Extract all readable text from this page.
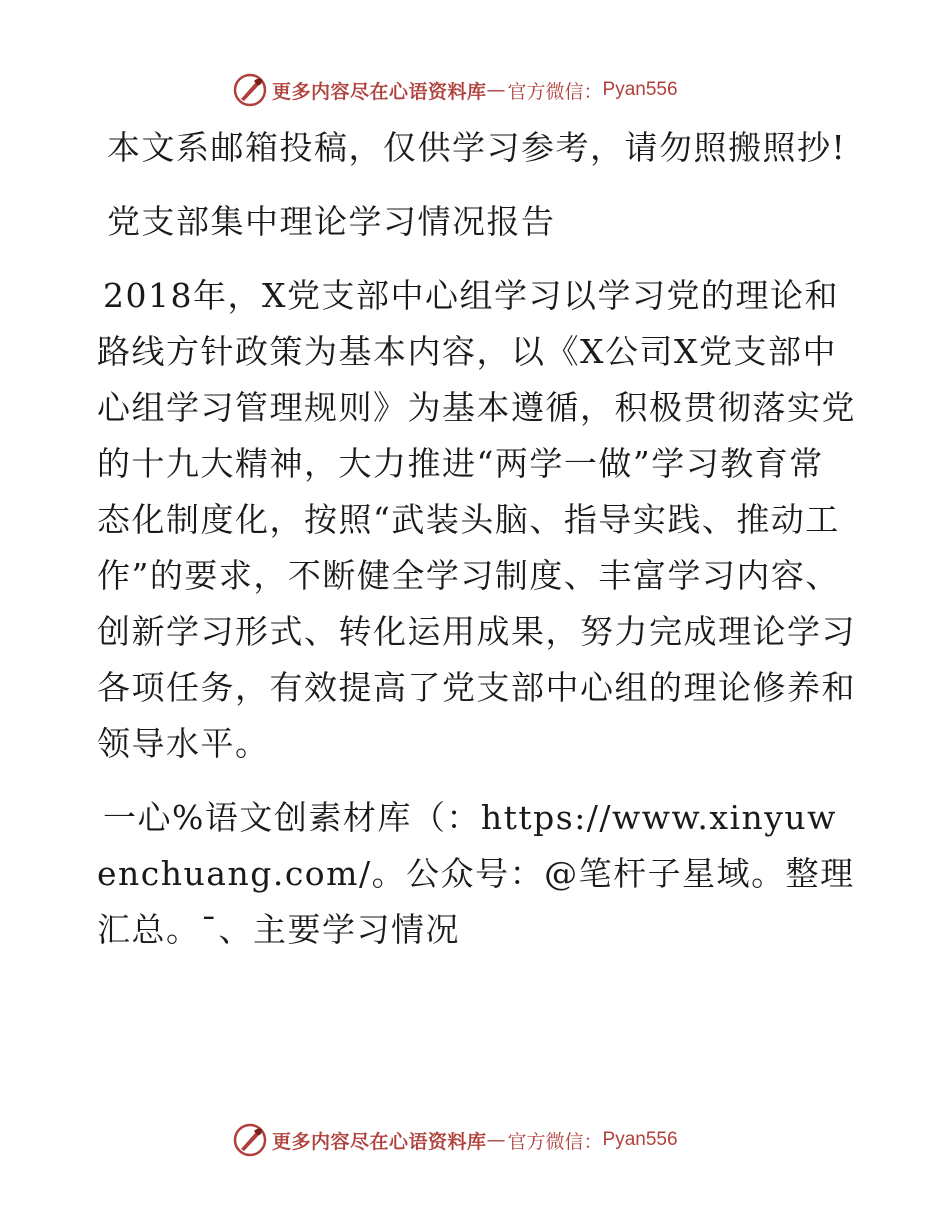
更多内容尽在心语资料库 — 官方微信： Pyan556

本文系邮箱投稿，仅供学习参考，请勿照搬照抄!

党支部集中理论学习情况报告

2018年，X党支部中心组学习以学习党的理论和路线方针政策为基本内容，以《X公司X党支部中心组学习管理规则》为基本遵循，积极贯彻落实党的十九大精神，大力推进“两学一做”学习教育常态化制度化，按照“武装头脑、指导实践、推动工作”的要求，不断健全学习制度、丰富学习内容、创新学习形式、转化运用成果，努力完成理论学习各项任务，有效提高了党支部中心组的理论修养和领导水平。

一心%语文创素材库（：https://www.xinyuwenchuang.com/。公众号：@笔杆子星域。整理汇总。¯、主要学习情况

更多内容尽在心语资料库 — 官方微信： Pyan556
